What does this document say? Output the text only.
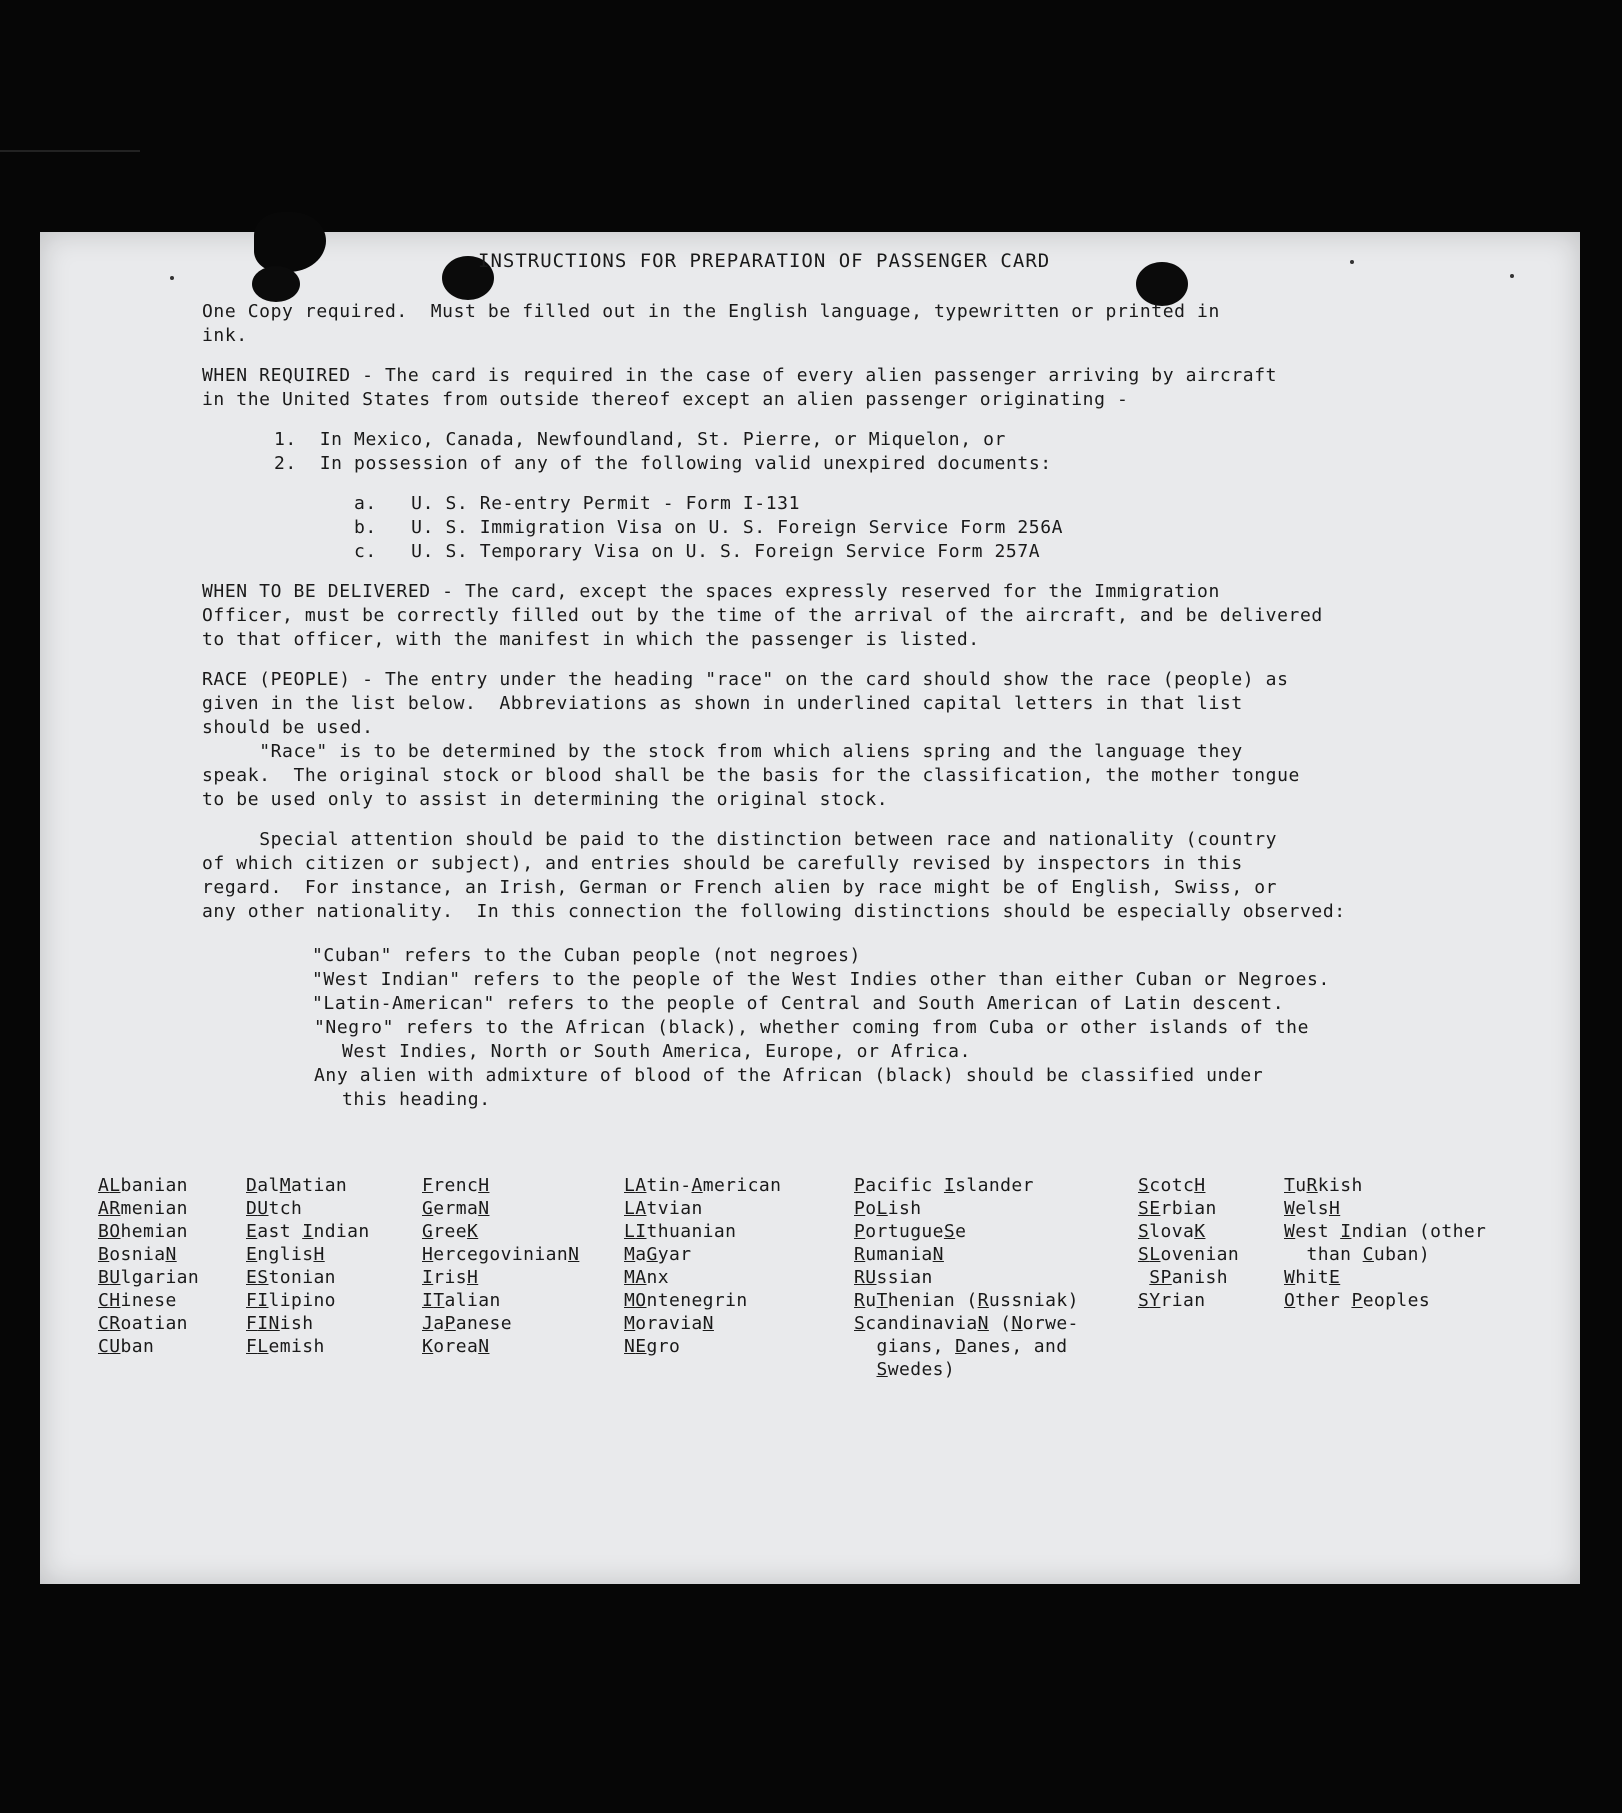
INSTRUCTIONS FOR PREPARATION OF PASSENGER CARD

One Copy required.  Must be filled out in the English language, typewritten or printed in
ink.

WHEN REQUIRED - The card is required in the case of every alien passenger arriving by aircraft
in the United States from outside thereof except an alien passenger originating -

1.  In Mexico, Canada, Newfoundland, St. Pierre, or Miquelon, or

2.  In possession of any of the following valid unexpired documents:

a.   U. S. Re-entry Permit - Form I-131

b.   U. S. Immigration Visa on U. S. Foreign Service Form 256A

c.   U. S. Temporary Visa on U. S. Foreign Service Form 257A

WHEN TO BE DELIVERED - The card, except the spaces expressly reserved for the Immigration
Officer, must be correctly filled out by the time of the arrival of the aircraft, and be delivered
to that officer, with the manifest in which the passenger is listed.

RACE (PEOPLE) - The entry under the heading "race" on the card should show the race (people) as
given in the list below.  Abbreviations as shown in underlined capital letters in that list
should be used.

"Race" is to be determined by the stock from which aliens spring and the language they
speak.  The original stock or blood shall be the basis for the classification, the mother tongue
to be used only to assist in determining the original stock.

Special attention should be paid to the distinction between race and nationality (country
of which citizen or subject), and entries should be carefully revised by inspectors in this
regard.  For instance, an Irish, German or French alien by race might be of English, Swiss, or
any other nationality.  In this connection the following distinctions should be especially observed:

"Cuban" refers to the Cuban people (not negroes)

"West Indian" refers to the people of the West Indies other than either Cuban or Negroes.

"Latin-American" refers to the people of Central and South American of Latin descent.

"Negro" refers to the African (black), whether coming from Cuba or other islands of the
West Indies, North or South America, Europe, or Africa.

Any alien with admixture of blood of the African (black) should be classified under
this heading.

ALbanian
ARmenian
BOhemian
BosniaN
BUlgarian
CHinese
CRoatian
CUban
DalMatian
DUtch
East Indian
EnglisH
EStonian
FIlipino
FINish
FLemish
FrencH
GermaN
GreeK
HercegovinianN
IrisH
ITalian
JaPanese
KoreaN
LAtin-American
LAtvian
LIthuanian
MaGyar
MAnx
MOntenegrin
MoraviaN
NEgro
Pacific Islander
PoLish
PortugueSe
RumaniaN
RUssian
RuThenian (Russniak)
ScandinaviaN (Norwe-
gians, Danes, and
Swedes)
ScotcH
SErbian
SlovaK
SLovenian
SPanish
SYrian
TuRkish
WelsH
West Indian (other
than Cuban)
WhitE
Other Peoples
